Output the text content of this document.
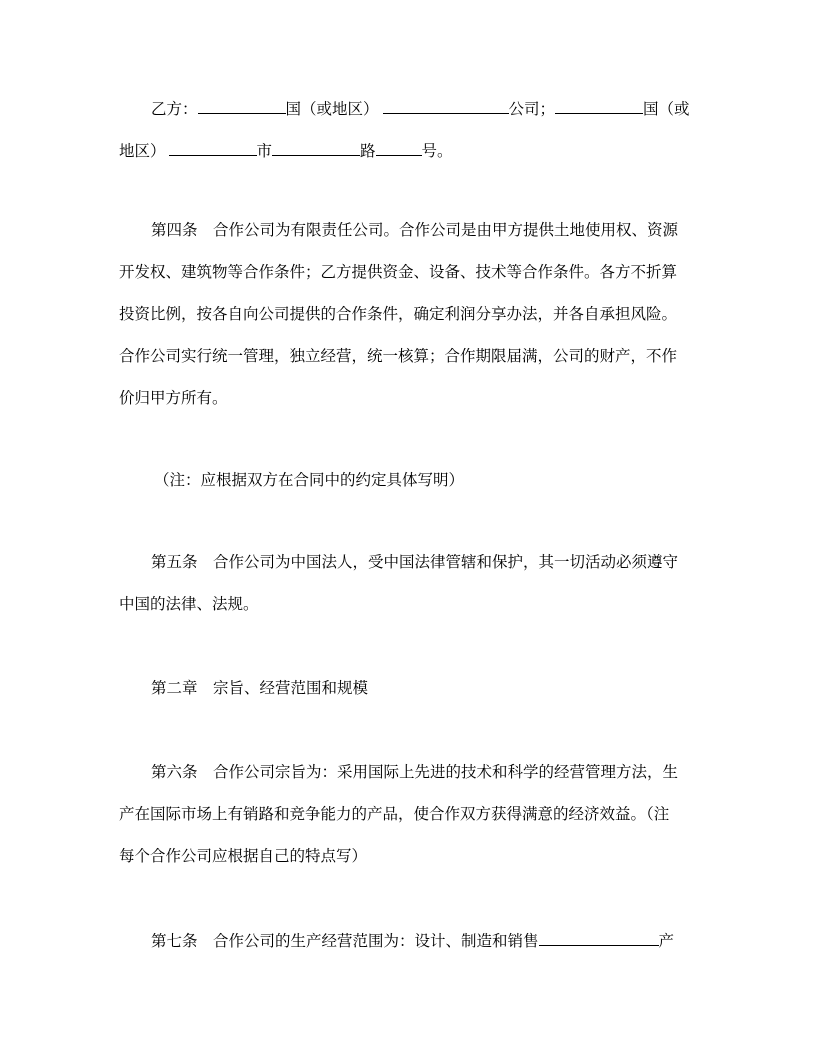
乙方：	国（或地区）	公司；	国（或
地区）	市	路	号。
第四条　合作公司为有限责任公司。合作公司是由甲方提供土地使用权、资源
开发权、建筑物等合作条件；乙方提供资金、设备、技术等合作条件。各方不折算
投资比例，按各自向公司提供的合作条件，确定利润分享办法，并各自承担风险。
合作公司实行统一管理，独立经营，统一核算；合作期限届满，公司的财产，不作
价归甲方所有。
（注：应根据双方在合同中的约定具体写明）
第五条　合作公司为中国法人，受中国法律管辖和保护，其一切活动必须遵守
中国的法律、法规。
第二章　宗旨、经营范围和规模
第六条　合作公司宗旨为：采用国际上先进的技术和科学的经营管理方法，生
产在国际市场上有销路和竞争能力的产品，使合作双方获得满意的经济效益。（注
每个合作公司应根据自己的特点写）
第七条　合作公司的生产经营范围为：设计、制造和销售	产
